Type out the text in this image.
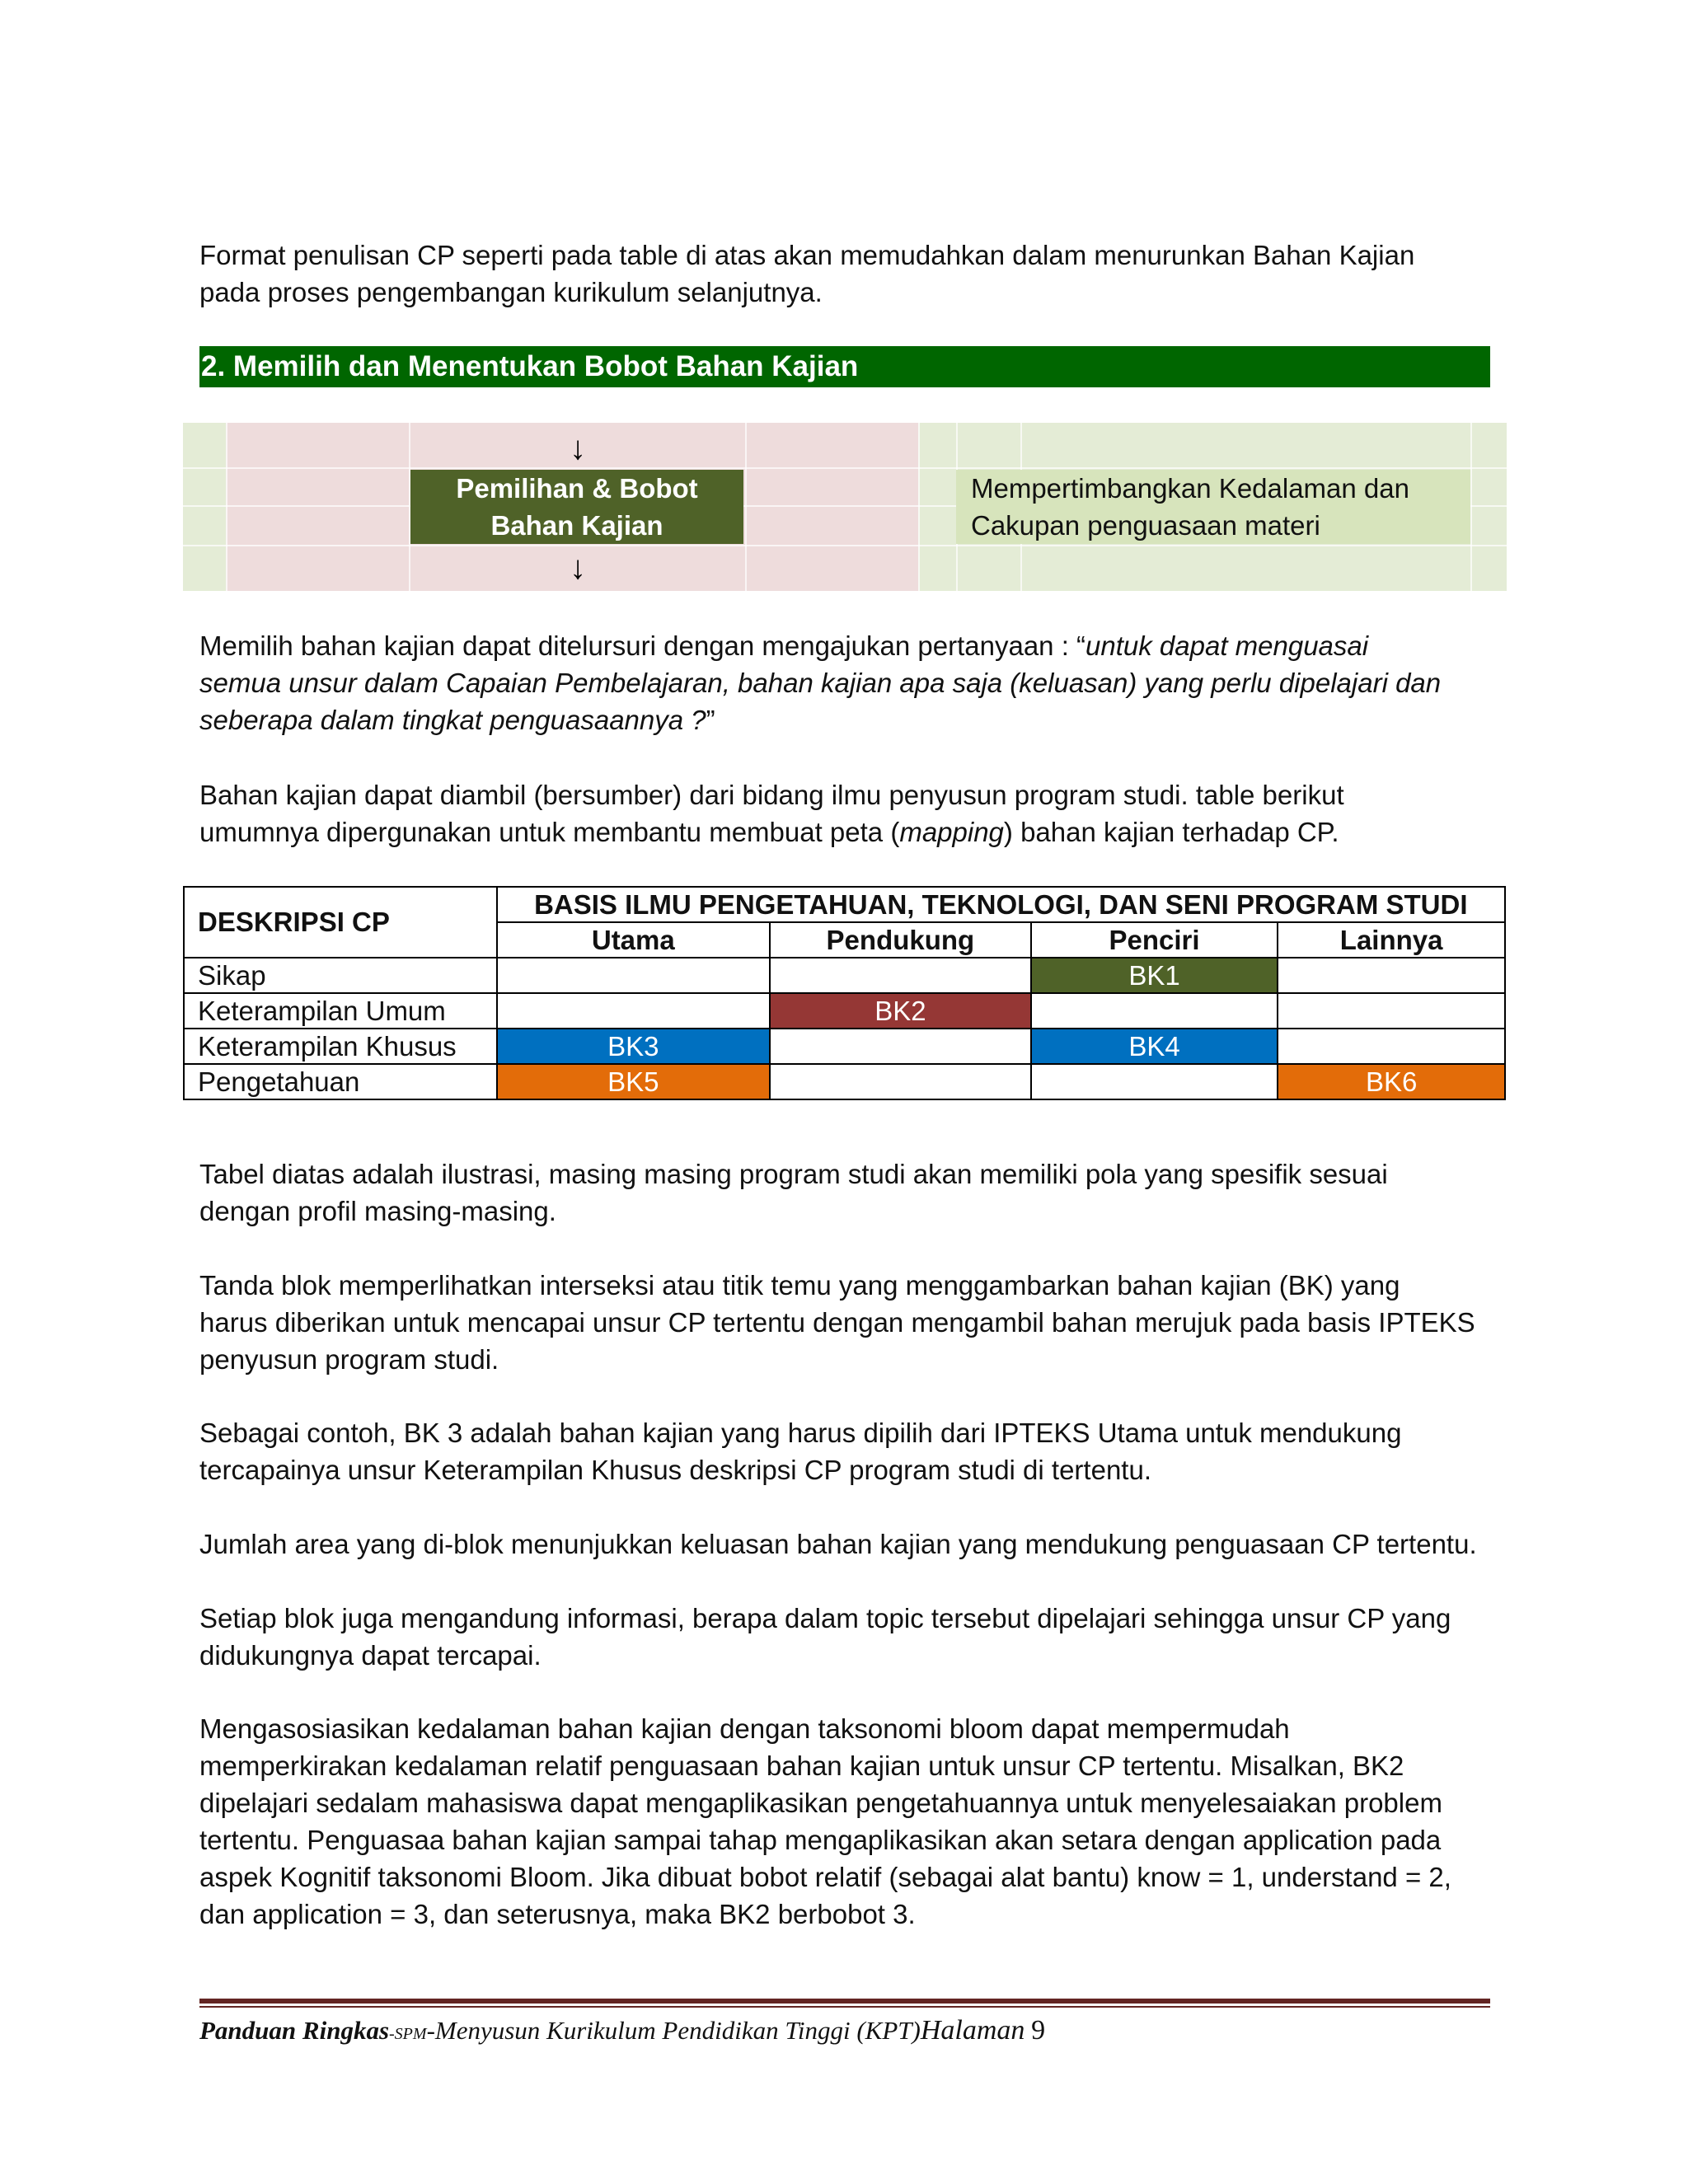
Format penulisan CP seperti pada table di atas akan memudahkan dalam menurunkan Bahan Kajian
pada proses pengembangan kurikulum selanjutnya.
2. Memilih dan Menentukan Bobot Bahan Kajian
↓
Pemilihan & Bobot
Bahan Kajian
↓
Mempertimbangkan Kedalaman dan
Cakupan penguasaan materi
Memilih bahan kajian dapat ditelursuri dengan mengajukan pertanyaan : “untuk dapat menguasai
semua unsur dalam Capaian Pembelajaran, bahan kajian apa saja (keluasan) yang perlu dipelajari dan
seberapa dalam tingkat penguasaannya ?”
Bahan kajian dapat diambil (bersumber) dari bidang ilmu penyusun program studi. table berikut
umumnya dipergunakan untuk membantu membuat peta (mapping) bahan kajian terhadap CP.
DESKRIPSI CP	BASIS ILMU PENGETAHUAN, TEKNOLOGI, DAN SENI PROGRAM STUDI			
	Utama	Pendukung	Penciri	Lainnya
Sikap			BK1	
Keterampilan Umum		BK2		
Keterampilan Khusus	BK3		BK4	
Pengetahuan	BK5			BK6
Tabel diatas adalah ilustrasi, masing masing program studi akan memiliki pola yang spesifik sesuai
dengan profil masing-masing.
Tanda blok memperlihatkan interseksi atau titik temu yang menggambarkan bahan kajian (BK) yang
harus diberikan untuk mencapai unsur CP tertentu dengan mengambil bahan merujuk pada basis IPTEKS
penyusun program studi.
Sebagai contoh, BK 3 adalah bahan kajian yang harus dipilih dari IPTEKS Utama untuk mendukung
tercapainya unsur Keterampilan Khusus deskripsi CP program studi di tertentu.
Jumlah area yang di-blok menunjukkan keluasan bahan kajian yang mendukung penguasaan CP tertentu.
Setiap blok juga mengandung informasi, berapa dalam topic tersebut dipelajari sehingga unsur CP yang
didukungnya dapat tercapai.
Mengasosiasikan kedalaman bahan kajian dengan taksonomi bloom dapat mempermudah
memperkirakan kedalaman relatif penguasaan bahan kajian untuk unsur CP tertentu. Misalkan, BK2
dipelajari sedalam mahasiswa dapat mengaplikasikan pengetahuannya untuk menyelesaiakan problem
tertentu. Penguasaa bahan kajian sampai tahap mengaplikasikan akan setara dengan application pada
aspek Kognitif taksonomi Bloom. Jika dibuat bobot relatif (sebagai alat bantu) know = 1, understand = 2,
dan application = 3, dan seterusnya, maka BK2 berbobot 3.
Panduan Ringkas-SPM-Menyusun Kurikulum Pendidikan Tinggi (KPT)Halaman 9
